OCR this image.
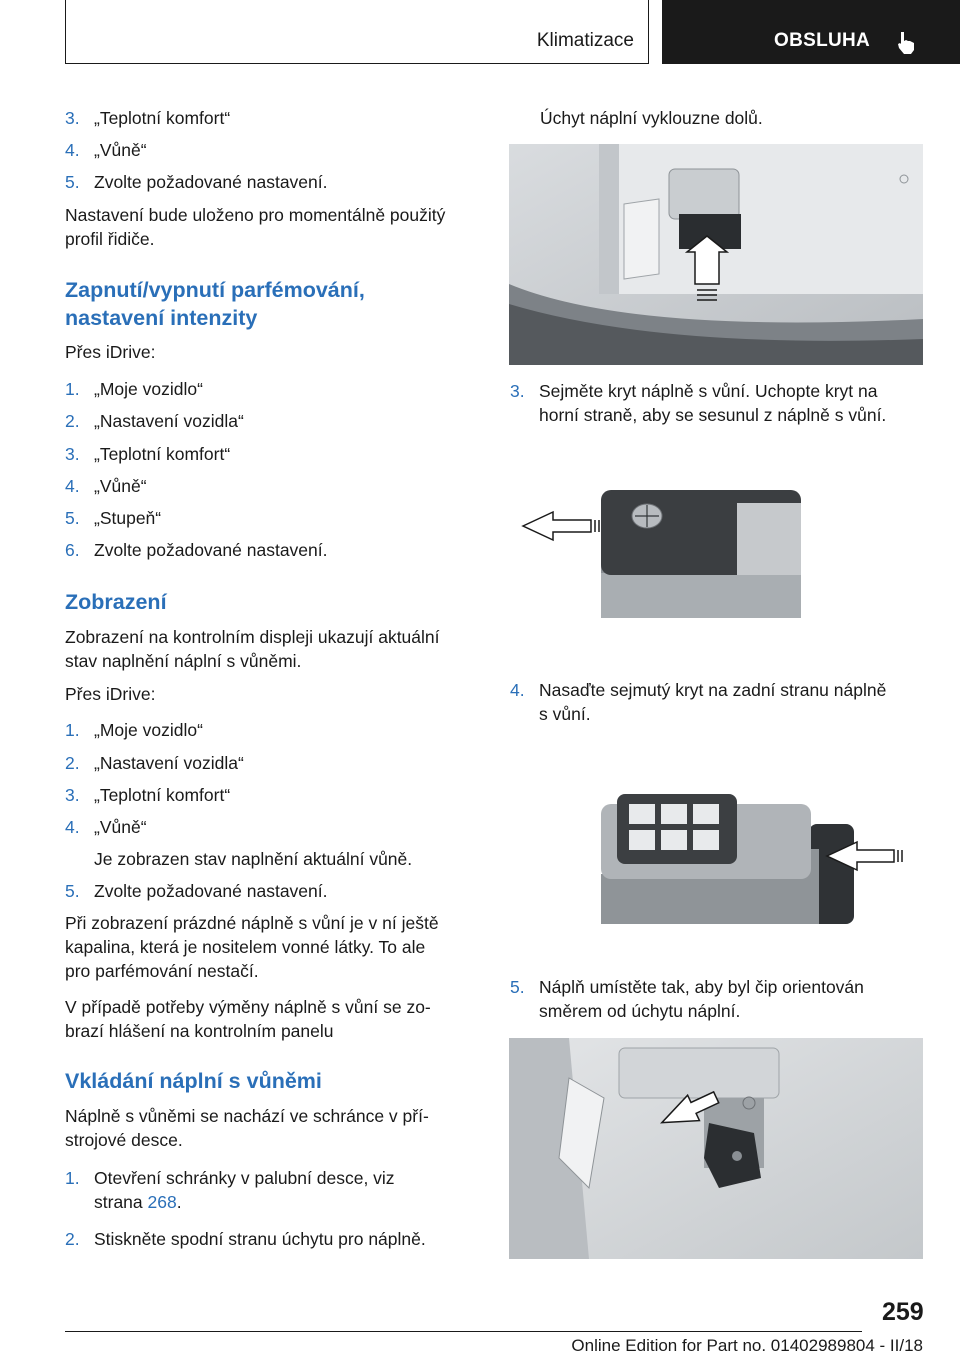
Klimatizace	OBSLUHA
3. „Teplotní komfort“
4. „Vůně“
5. Zvolte požadované nastavení.
Nastavení bude uloženo pro momentálně použitý
profil řidiče.
Zapnutí/vypnutí parfémování,
nastavení intenzity
Přes iDrive:
1. „Moje vozidlo“
2. „Nastavení vozidla“
3. „Teplotní komfort“
4. „Vůně“
5. „Stupeň“
6. Zvolte požadované nastavení.
Zobrazení
Zobrazení na kontrolním displeji ukazují aktuální
stav naplnění náplní s vůněmi.
Přes iDrive:
1. „Moje vozidlo“
2. „Nastavení vozidla“
3. „Teplotní komfort“
4. „Vůně“
Je zobrazen stav naplnění aktuální vůně.
5. Zvolte požadované nastavení.
Při zobrazení prázdné náplně s vůní je v ní ještě
kapalina, která je nositelem vonné látky. To ale
pro parfémování nestačí.
V případě potřeby výměny náplně s vůní se zo‐
brazí hlášení na kontrolním panelu
Vkládání náplní s vůněmi
Náplně s vůněmi se nachází ve schránce v pří‐
strojové desce.
1. Otevření schránky v palubní desce, viz
strana 268.
2. Stiskněte spodní stranu úchytu pro náplně.
Úchyt náplní vyklouzne dolů.
3. Sejměte kryt náplně s vůní. Uchopte kryt na
horní straně, aby se sesunul z náplně s vůní.
4. Nasaďte sejmutý kryt na zadní stranu náplně
s vůní.
5. Náplň umístěte tak, aby byl čip orientován
směrem od úchytu náplní.
259
Online Edition for Part no. 01402989804 - II/18
